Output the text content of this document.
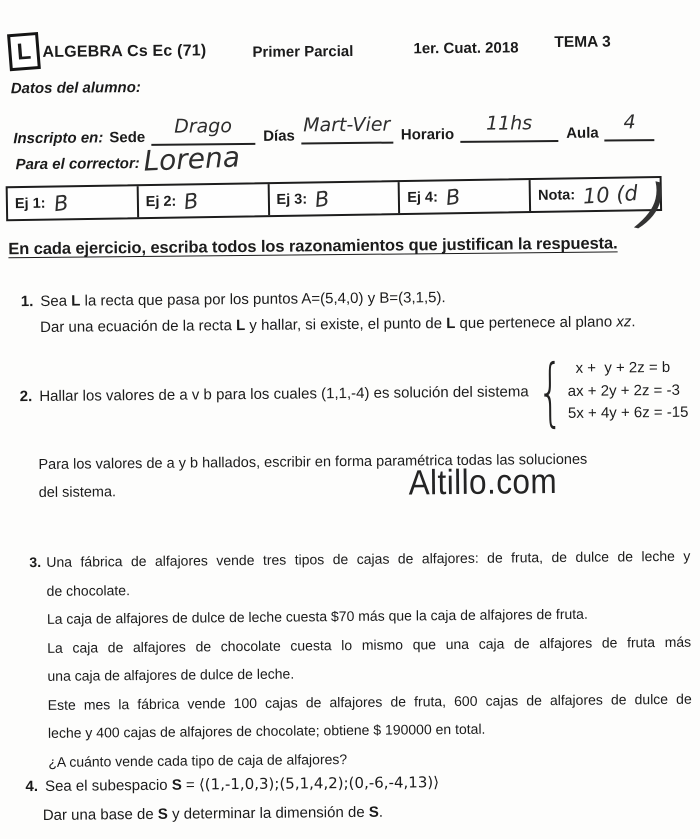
L ALGEBRA Cs Ec (71)	Primer Parcial	1er. Cuat. 2018 TEMA 3
Datos del alumno:
Inscripto en: Sede	Drago	Días Mart-Vier Horario
11hs	Aula	4
Para el corrector: Lorena
Ej 1: B	Ej 2: B	Ej 3: B	Ej 4: B	Nota: 10 (d
)
En cada ejercicio, escriba todos los razonamientos que justifican la respuesta.
1. Sea L la recta que pasa por los puntos A=(5,4,0) y B=(3,1,5).
Dar una ecuación de la recta L y hallar, si existe, el punto de L que pertenece al plano xz.
2. Hallar los valores de a v b para los cuales (1,1,-4) es solución del sistema { x +  y + 2z = b
ax + 2y + 2z = -3
5x + 4y + 6z = -15
Para los valores de a y b hallados, escribir en forma paramétrica todas las soluciones
del sistema.	Altillo.com
3. Una fábrica de alfajores vende tres tipos de cajas de alfajores: de fruta, de dulce de leche y
de chocolate.
La caja de alfajores de dulce de leche cuesta $70 más que la caja de alfajores de fruta.
La caja de alfajores de chocolate cuesta lo mismo que una caja de alfajores de fruta más
una caja de alfajores de dulce de leche.
Este mes la fábrica vende 100 cajas de alfajores de fruta, 600 cajas de alfajores de dulce de
leche y 400 cajas de alfajores de chocolate; obtiene $ 190000 en total.
¿A cuánto vende cada tipo de caja de alfajores?
4. Sea el subespacio S = ⟨(1,-1,0,3);(5,1,4,2);(0,-6,-4,13)⟩
Dar una base de S y determinar la dimensión de S.
